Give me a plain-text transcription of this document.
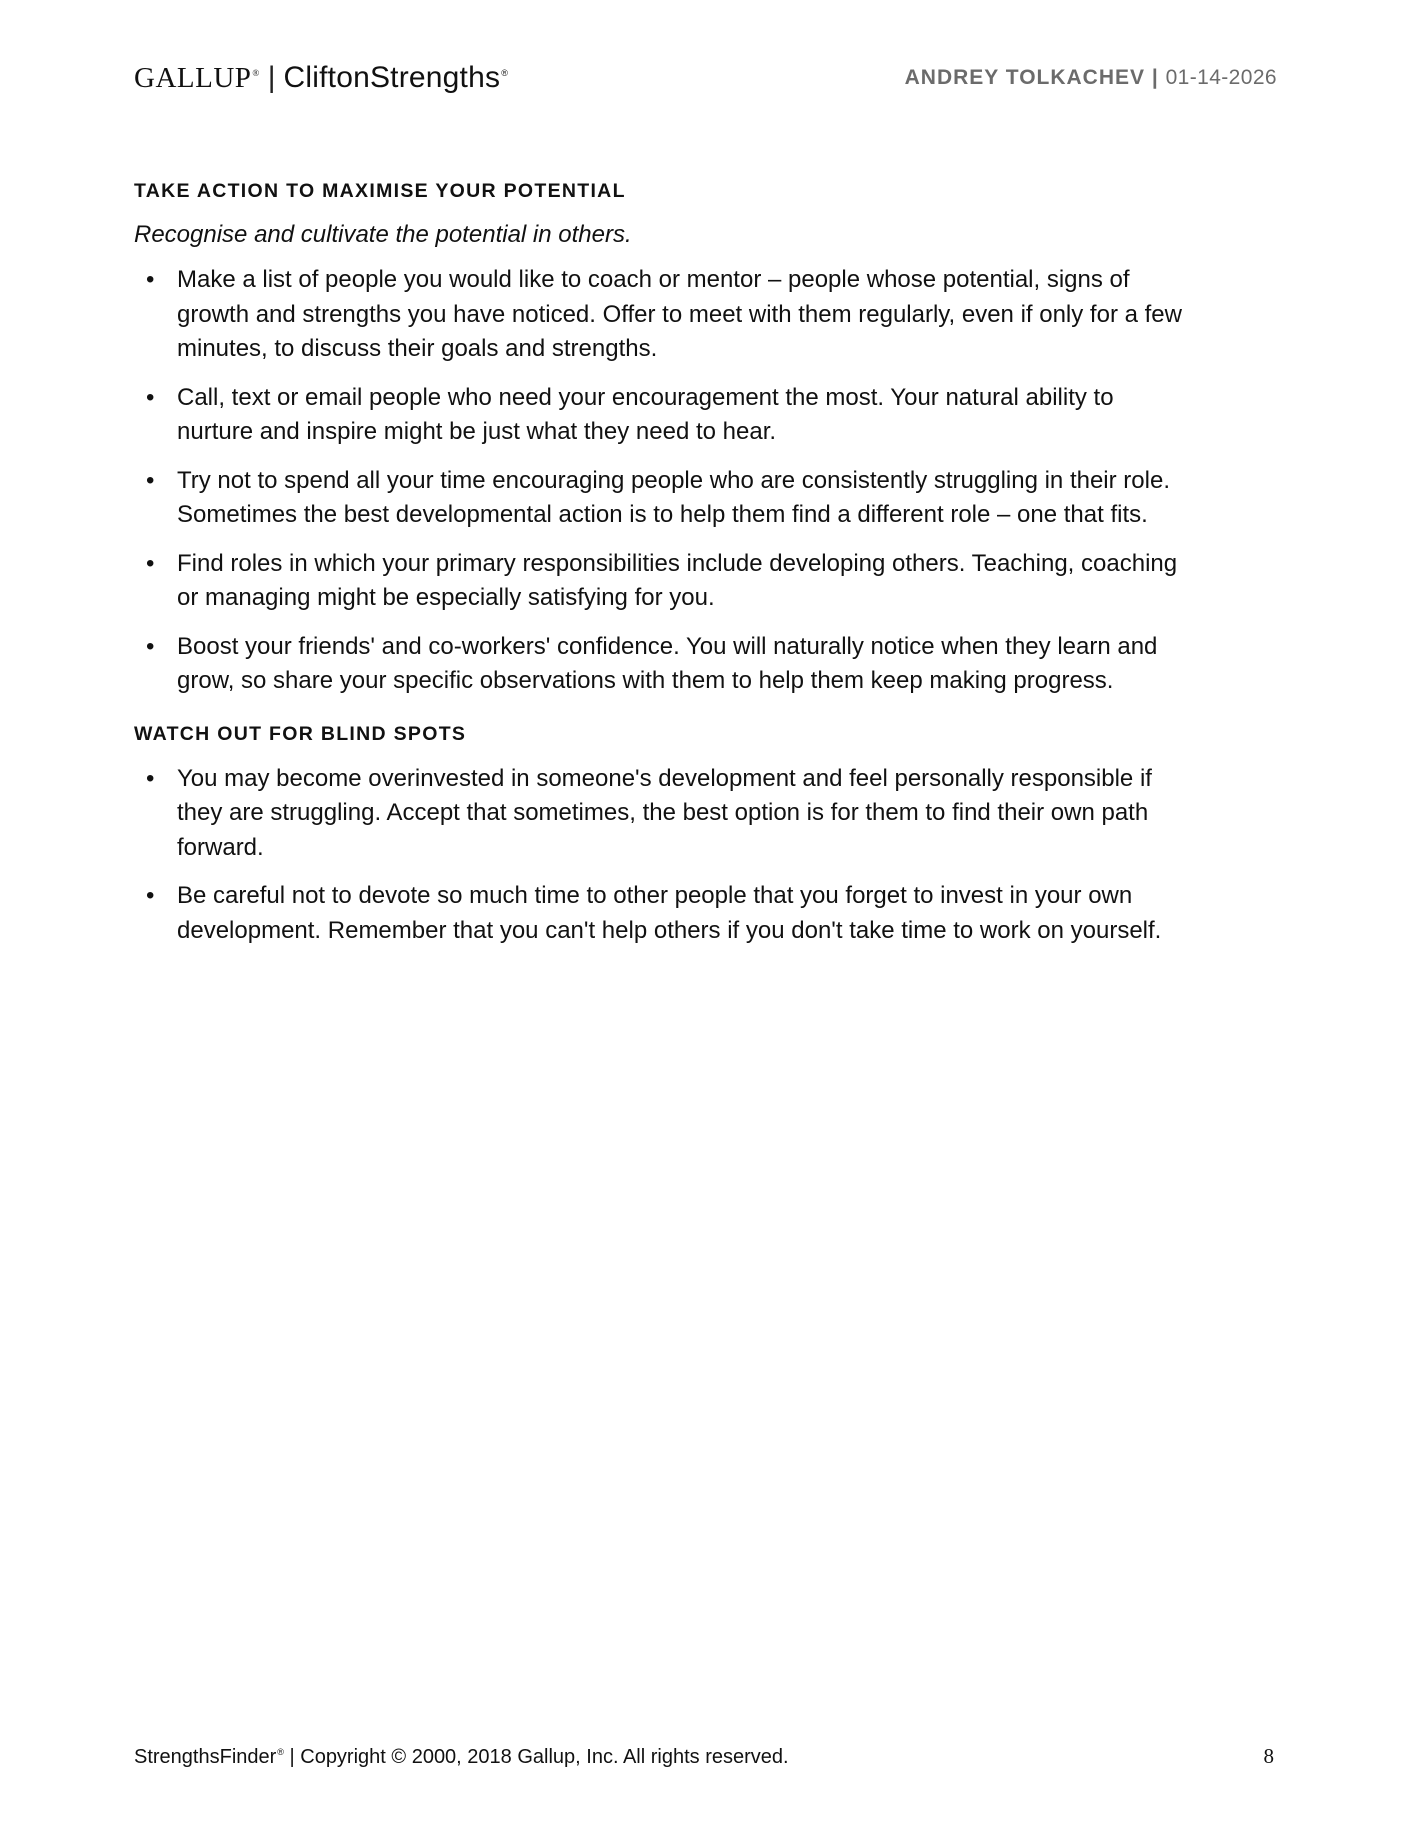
GALLUP® | CliftonStrengths®	ANDREY TOLKACHEV | 01-14-2026
TAKE ACTION TO MAXIMISE YOUR POTENTIAL

Recognise and cultivate the potential in others.

• Make a list of people you would like to coach or mentor – people whose potential, signs of growth and strengths you have noticed. Offer to meet with them regularly, even if only for a few minutes, to discuss their goals and strengths.
• Call, text or email people who need your encouragement the most. Your natural ability to nurture and inspire might be just what they need to hear.
• Try not to spend all your time encouraging people who are consistently struggling in their role. Sometimes the best developmental action is to help them find a different role – one that fits.
• Find roles in which your primary responsibilities include developing others. Teaching, coaching or managing might be especially satisfying for you.
• Boost your friends' and co-workers' confidence. You will naturally notice when they learn and grow, so share your specific observations with them to help them keep making progress.
WATCH OUT FOR BLIND SPOTS
• You may become overinvested in someone's development and feel personally responsible if they are struggling. Accept that sometimes, the best option is for them to find their own path forward.
• Be careful not to devote so much time to other people that you forget to invest in your own development. Remember that you can't help others if you don't take time to work on yourself.
StrengthsFinder® | Copyright © 2000, 2018 Gallup, Inc. All rights reserved.	8
